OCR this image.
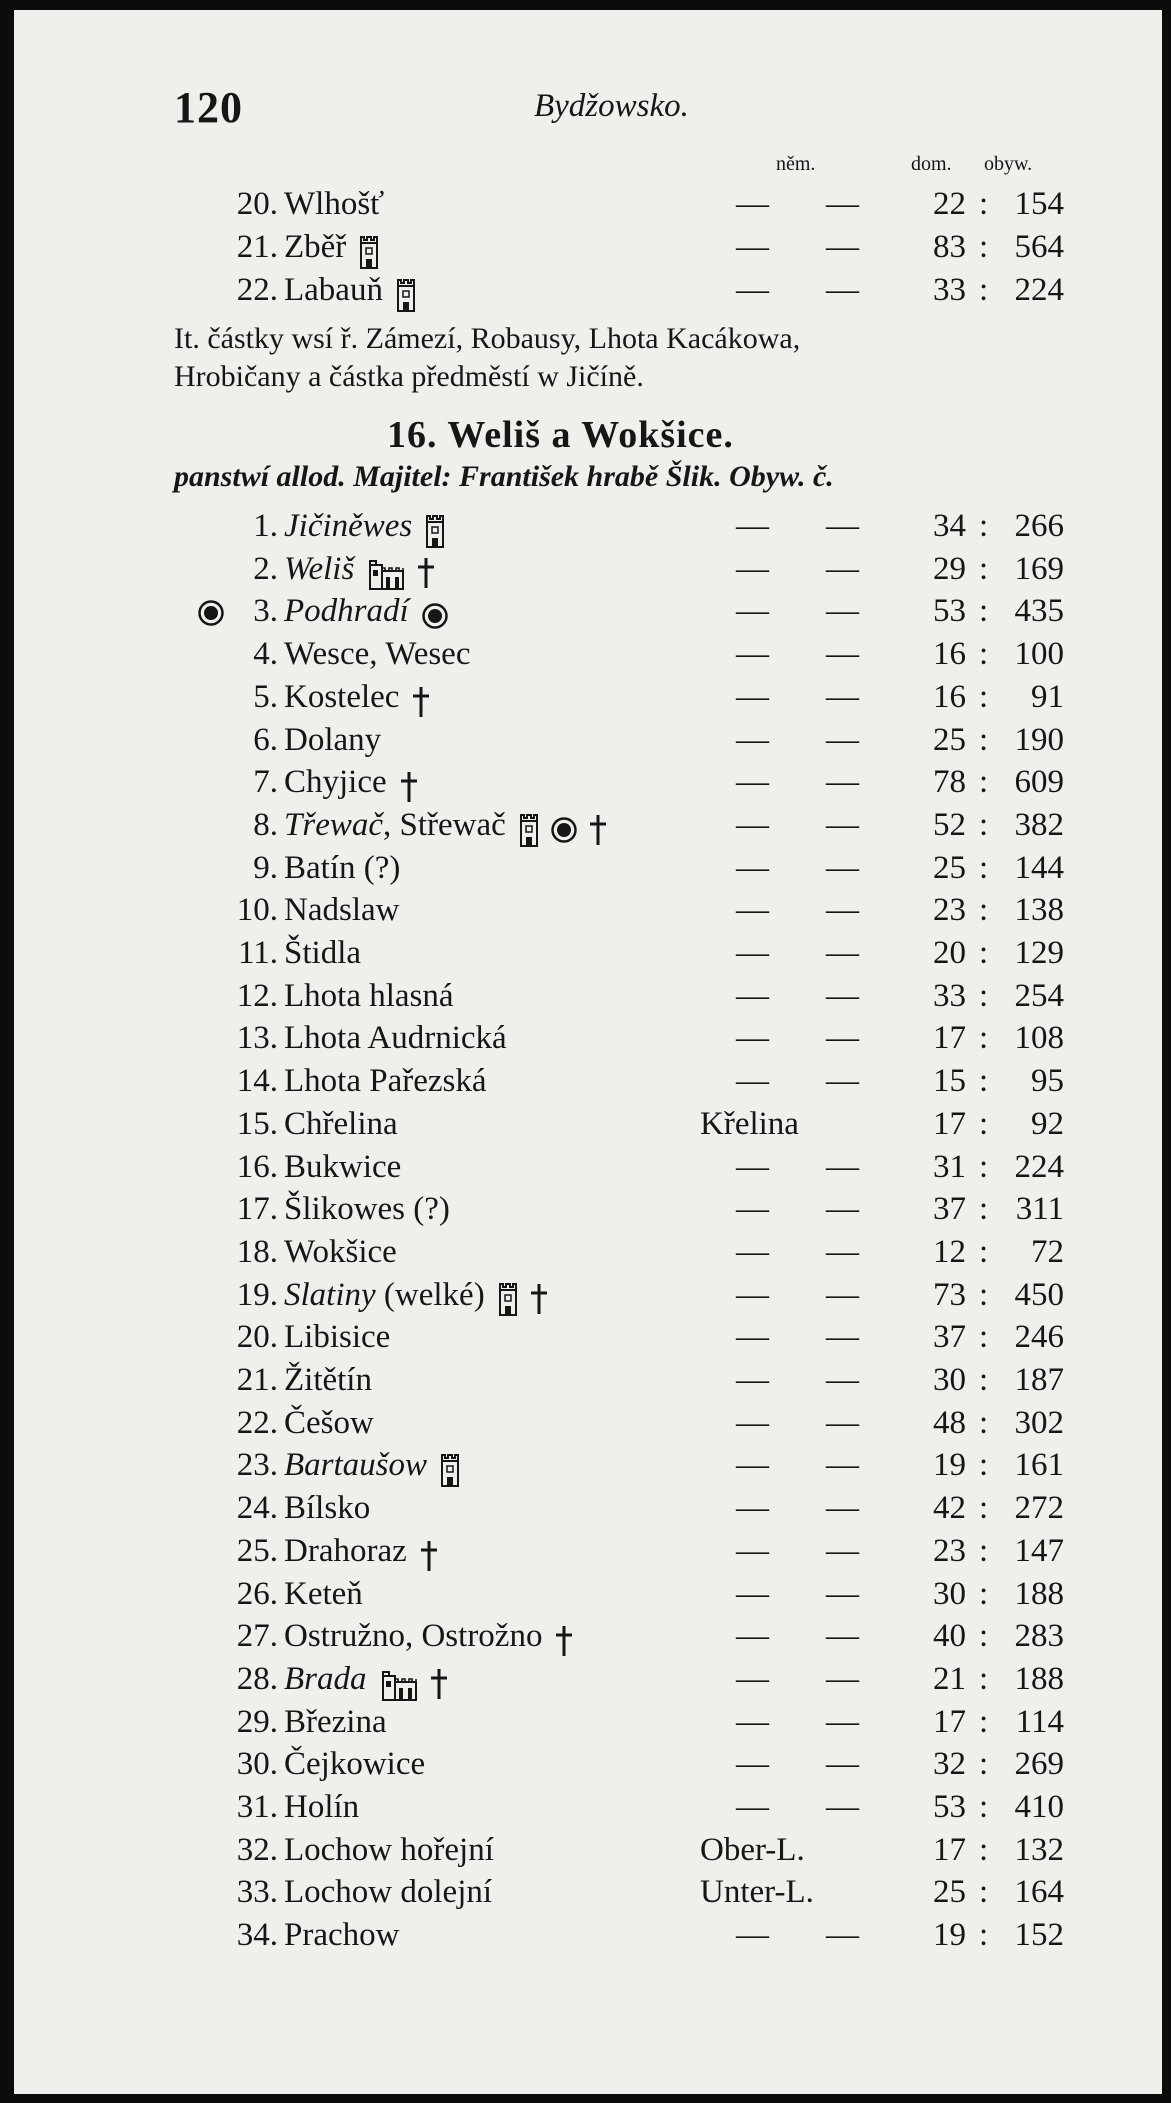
120	Bydžowsko.
něm.	dom. obyw.
20. Wlhošť	— —	22 : 154
21. Zběř	— —	83 : 564
22. Labauň	— —	33 : 224
It. částky wsí ř. Zámezí, Robausy, Lhota Kacákowa,
Hrobičany a částka předměstí w Jičíně.
16. Weliš a Wokšice.
panstwí allod. Majitel: František hrabě Šlik. Obyw. č.
1. Jičiněwes	— —	34 : 266
2. Weliš	— —	29 : 169
3. Podhradí	— —	53 : 435
4. Wesce, Wesec	— —	16 : 100
5. Kostelec	— —	16 :	91
6. Dolany	— —	25 : 190
7. Chyjice	— —	78 : 609
8. Třewač, Střewač	— —	52 : 382
9. Batín (?)	— —	25 : 144
10. Nadslaw	— —	23 : 138
11. Štidla	— —	20 : 129
12. Lhota hlasná	— —	33 : 254
13. Lhota Audrnická	— —	17 : 108
14. Lhota Pařezská	— —	15 :	95
15. Chřelina	Křelina	17 :	92
16. Bukwice	— —	31 : 224
17. Šlikowes (?)	— —	37 : 311
18. Wokšice	— —	12 :	72
19. Slatiny (welké)	— —	73 : 450
20. Libisice	— —	37 : 246
21. Žitětín	— —	30 : 187
22. Češow	— —	48 : 302
23. Bartaušow	— —	19 : 161
24. Bílsko	— —	42 : 272
25. Drahoraz	— —	23 : 147
26. Keteň	— —	30 : 188
27. Ostružno, Ostrožno	— —	40 : 283
28. Brada	— —	21 : 188
29. Březina	— —	17 : 114
30. Čejkowice	— —	32 : 269
31. Holín	— —	53 : 410
32. Lochow hořejní	Ober-L.	17 : 132
33. Lochow dolejní	Unter-L.	25 : 164
34. Prachow	— —	19 : 152
